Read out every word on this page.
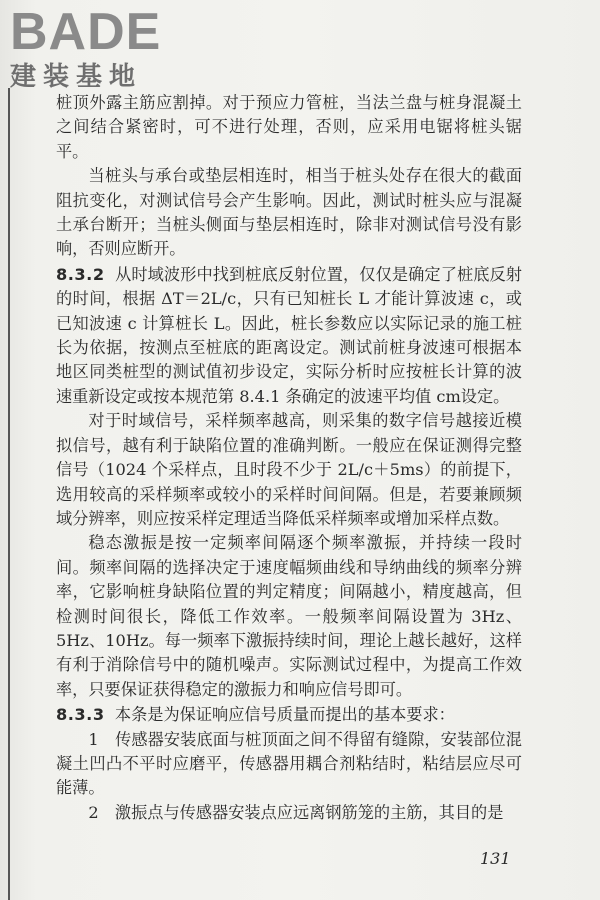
BADE
建装基地

桩顶外露主筋应割掉。对于预应力管桩，当法兰盘与桩身混凝土之间结合紧密时，可不进行处理，否则，应采用电锯将桩头锯平。

当桩头与承台或垫层相连时，相当于桩头处存在很大的截面阻抗变化，对测试信号会产生影响。因此，测试时桩头应与混凝土承台断开；当桩头侧面与垫层相连时，除非对测试信号没有影响，否则应断开。

8.3.2 从时域波形中找到桩底反射位置，仅仅是确定了桩底反射的时间，根据 ΔT＝2L/c，只有已知桩长 L 才能计算波速 c，或已知波速 c 计算桩长 L。因此，桩长参数应以实际记录的施工桩长为依据，按测点至桩底的距离设定。测试前桩身波速可根据本地区同类桩型的测试值初步设定，实际分析时应按桩长计算的波速重新设定或按本规范第 8.4.1 条确定的波速平均值 cm设定。

对于时域信号，采样频率越高，则采集的数字信号越接近模拟信号，越有利于缺陷位置的准确判断。一般应在保证测得完整信号（1024 个采样点，且时段不少于 2L/c＋5ms）的前提下，选用较高的采样频率或较小的采样时间间隔。但是，若要兼顾频域分辨率，则应按采样定理适当降低采样频率或增加采样点数。

稳态激振是按一定频率间隔逐个频率激振，并持续一段时间。频率间隔的选择决定于速度幅频曲线和导纳曲线的频率分辨率，它影响桩身缺陷位置的判定精度；间隔越小，精度越高，但检测时间很长，降低工作效率。一般频率间隔设置为 3Hz、5Hz、10Hz。每一频率下激振持续时间，理论上越长越好，这样有利于消除信号中的随机噪声。实际测试过程中，为提高工作效率，只要保证获得稳定的激振力和响应信号即可。

8.3.3 本条是为保证响应信号质量而提出的基本要求：

1　传感器安装底面与桩顶面之间不得留有缝隙，安装部位混凝土凹凸不平时应磨平，传感器用耦合剂粘结时，粘结层应尽可能薄。

2　激振点与传感器安装点应远离钢筋笼的主筋，其目的是

131
